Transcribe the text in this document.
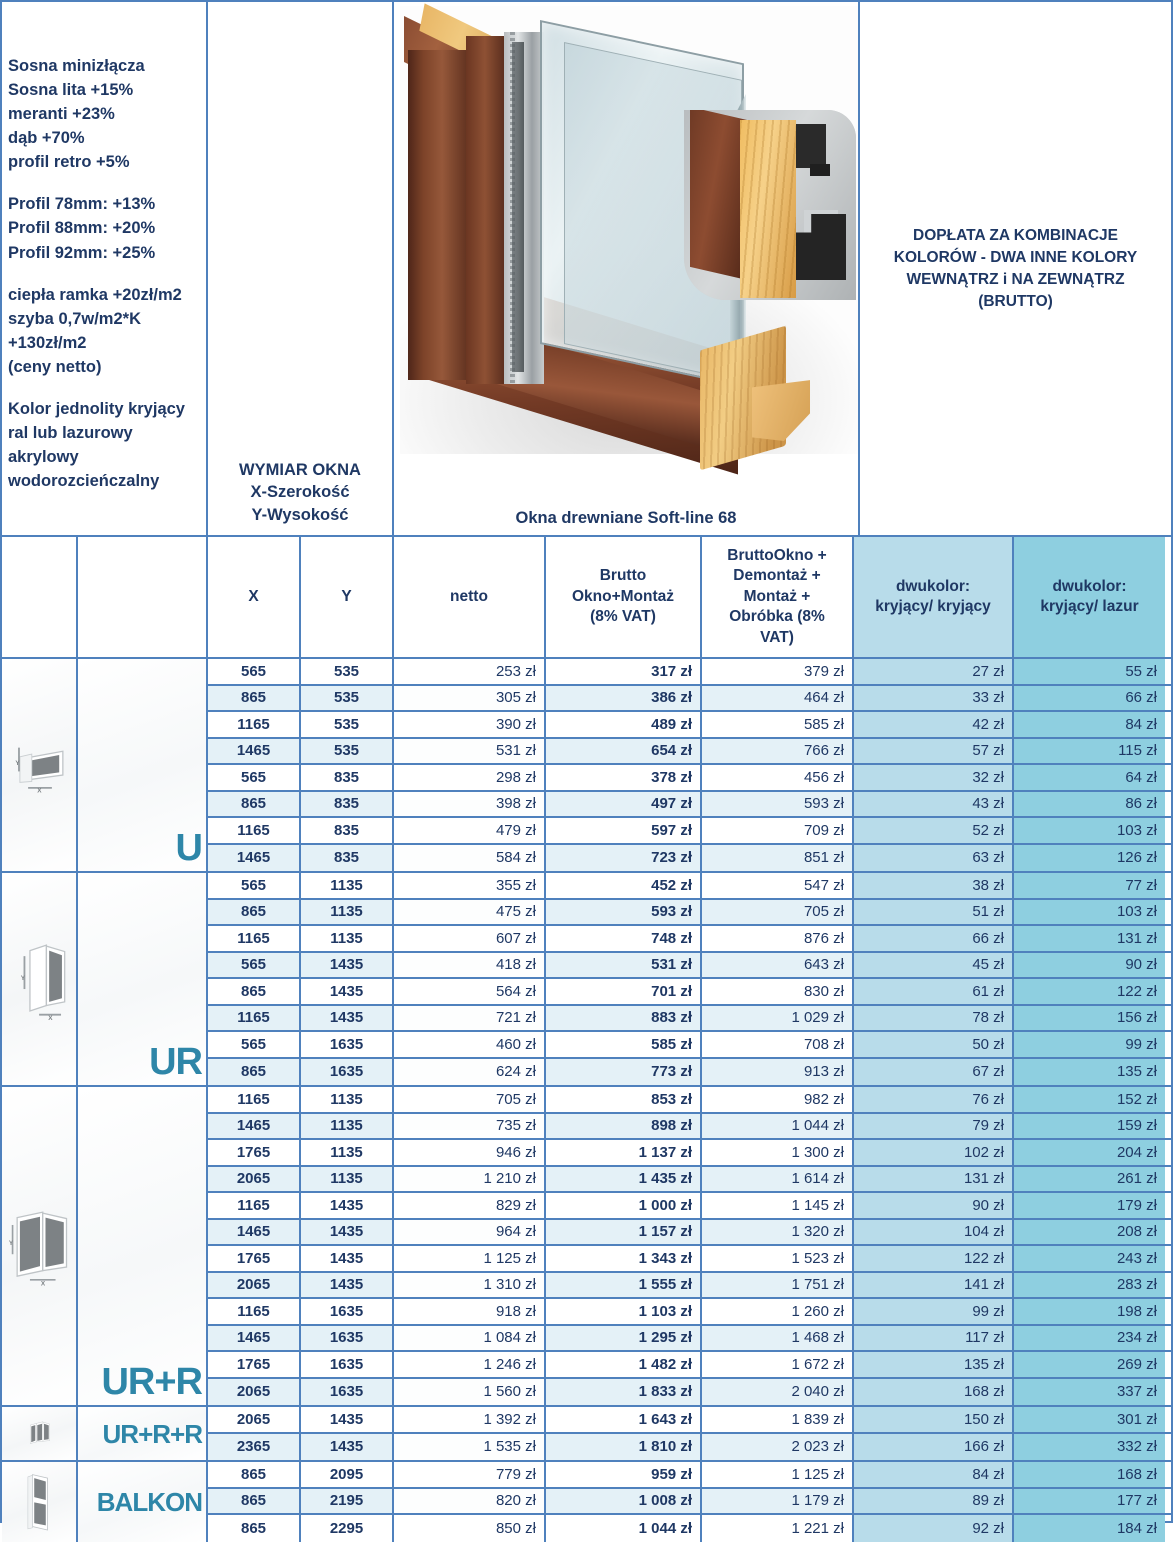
Sosna minizłącza

Sosna lita +15%

meranti +23%

dąb +70%

profil retro +5%

Profil 78mm: +13%

Profil 88mm: +20%

Profil 92mm: +25%

ciepła ramka +20zł/m2

szyba 0,7w/m2*K

+130zł/m2

(ceny netto)

Kolor jednolity kryjący

ral lub lazurowy

akrylowy

wodorozcieńczalny

WYMIAR OKNA
X-Szerokość
Y-Wysokość	Okna drewniane Soft-line 68
DOPŁATA ZA KOMBINACJE
KOLORÓW - DWA INNE KOLORY
WEWNĄTRZ i NA ZEWNĄTRZ
(BRUTTO)
X	Y	netto
Brutto
Okno+Montaż
(8% VAT)
BruttoOkno +
Demontaż +
Montaż +
Obróbka (8%
VAT)
dwukolor:
kryjący/ kryjący
dwukolor:
kryjący/ lazur
Y
X
U
565	535	253 zł	317 zł	379 zł	27 zł	55 zł
865	535	305 zł	386 zł	464 zł	33 zł	66 zł
1165	535	390 zł	489 zł	585 zł	42 zł	84 zł
1465	535	531 zł	654 zł	766 zł	57 zł	115 zł
565	835	298 zł	378 zł	456 zł	32 zł	64 zł
865	835	398 zł	497 zł	593 zł	43 zł	86 zł
1165	835	479 zł	597 zł	709 zł	52 zł	103 zł
1465	835	584 zł	723 zł	851 zł	63 zł	126 zł
Y
X
UR
565	1135	355 zł	452 zł	547 zł	38 zł	77 zł
865	1135	475 zł	593 zł	705 zł	51 zł	103 zł
1165	1135	607 zł	748 zł	876 zł	66 zł	131 zł
565	1435	418 zł	531 zł	643 zł	45 zł	90 zł
865	1435	564 zł	701 zł	830 zł	61 zł	122 zł
1165	1435	721 zł	883 zł	1 029 zł	78 zł	156 zł
565	1635	460 zł	585 zł	708 zł	50 zł	99 zł
865	1635	624 zł	773 zł	913 zł	67 zł	135 zł
Y
X
UR+R
1165	1135	705 zł	853 zł	982 zł	76 zł	152 zł
1465	1135	735 zł	898 zł	1 044 zł	79 zł	159 zł
1765	1135	946 zł	1 137 zł	1 300 zł	102 zł	204 zł
2065	1135	1 210 zł	1 435 zł	1 614 zł	131 zł	261 zł
1165	1435	829 zł	1 000 zł	1 145 zł	90 zł	179 zł
1465	1435	964 zł	1 157 zł	1 320 zł	104 zł	208 zł
1765	1435	1 125 zł	1 343 zł	1 523 zł	122 zł	243 zł
2065	1435	1 310 zł	1 555 zł	1 751 zł	141 zł	283 zł
1165	1635	918 zł	1 103 zł	1 260 zł	99 zł	198 zł
1465	1635	1 084 zł	1 295 zł	1 468 zł	117 zł	234 zł
1765	1635	1 246 zł	1 482 zł	1 672 zł	135 zł	269 zł
2065	1635	1 560 zł	1 833 zł	2 040 zł	168 zł	337 zł
UR+R+R	2065	1435	1 392 zł	1 643 zł	1 839 zł	150 zł	301 zł
2365	1435	1 535 zł	1 810 zł	2 023 zł	166 zł	332 zł
BALKON
865	2095	779 zł	959 zł	1 125 zł	84 zł	168 zł
865	2195	820 zł	1 008 zł	1 179 zł	89 zł	177 zł
865	2295	850 zł	1 044 zł	1 221 zł	92 zł	184 zł
